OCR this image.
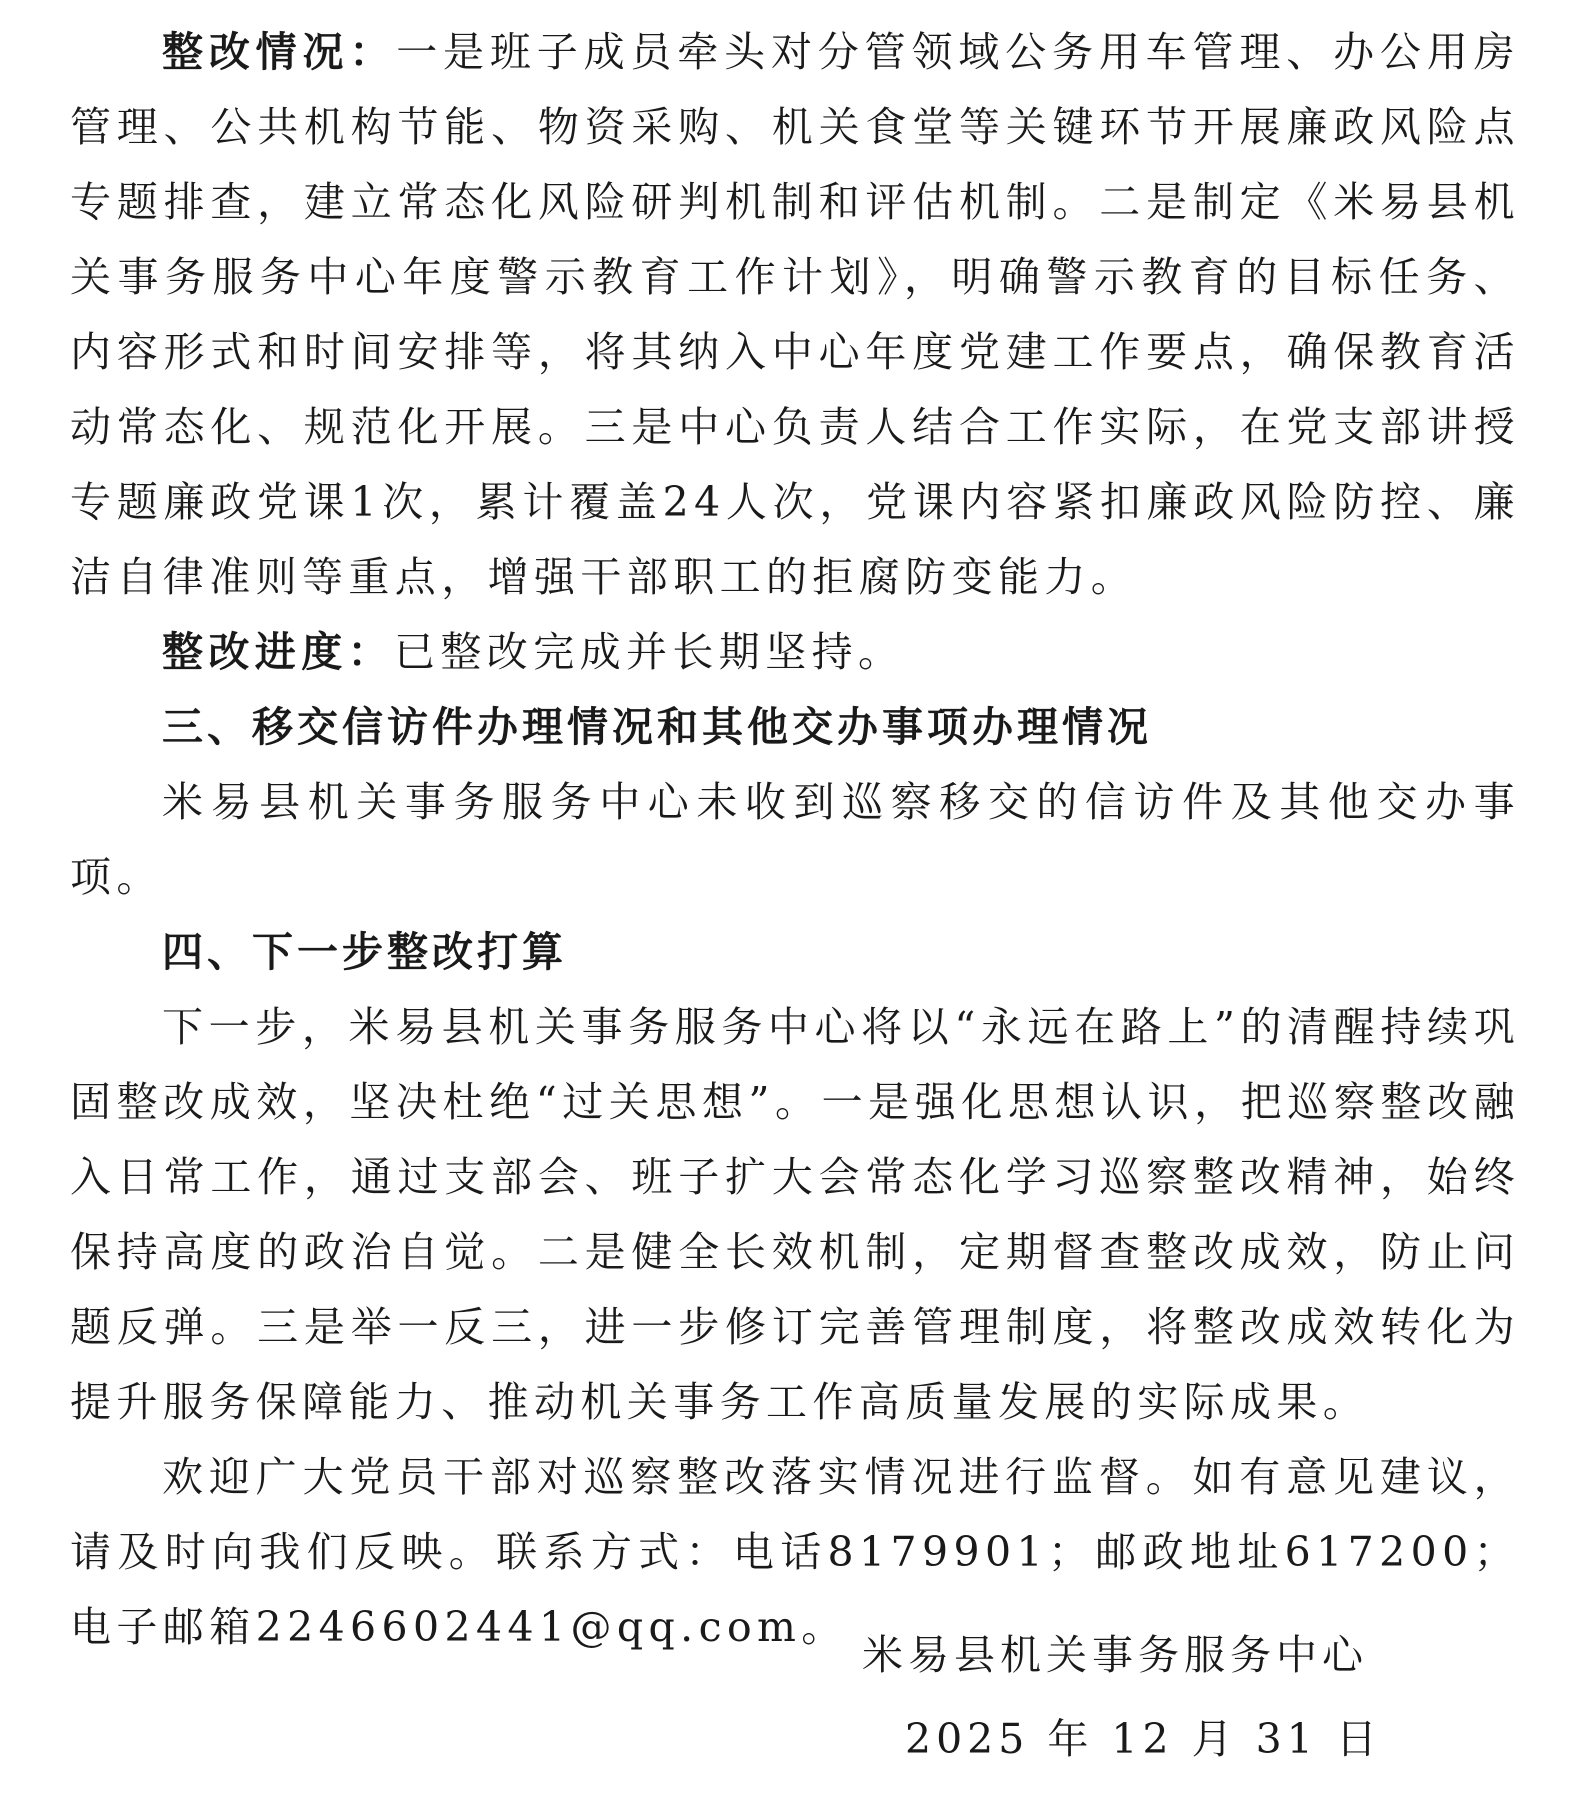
整改情况：一是班子成员牵头对分管领域公务用车管理、办公用房管理、公共机构节能、物资采购、机关食堂等关键环节开展廉政风险点专题排查，建立常态化风险研判机制和评估机制。二是制定《米易县机关事务服务中心年度警示教育工作计划》，明确警示教育的目标任务、内容形式和时间安排等，将其纳入中心年度党建工作要点，确保教育活动常态化、规范化开展。三是中心负责人结合工作实际，在党支部讲授专题廉政党课1次，累计覆盖24人次，党课内容紧扣廉政风险防控、廉洁自律准则等重点，增强干部职工的拒腐防变能力。

整改进度：已整改完成并长期坚持。

三、移交信访件办理情况和其他交办事项办理情况

米易县机关事务服务中心未收到巡察移交的信访件及其他交办事项。

四、下一步整改打算

下一步，米易县机关事务服务中心将以“永远在路上”的清醒持续巩固整改成效，坚决杜绝“过关思想”。一是强化思想认识，把巡察整改融入日常工作，通过支部会、班子扩大会常态化学习巡察整改精神，始终保持高度的政治自觉。二是健全长效机制，定期督查整改成效，防止问题反弹。三是举一反三，进一步修订完善管理制度，将整改成效转化为提升服务保障能力、推动机关事务工作高质量发展的实际成果。

欢迎广大党员干部对巡察整改落实情况进行监督。如有意见建议，请及时向我们反映。联系方式：电话8179901；邮政地址617200；电子邮箱2246602441@qq.com。

米易县机关事务服务中心
2025 年 12 月 31 日
